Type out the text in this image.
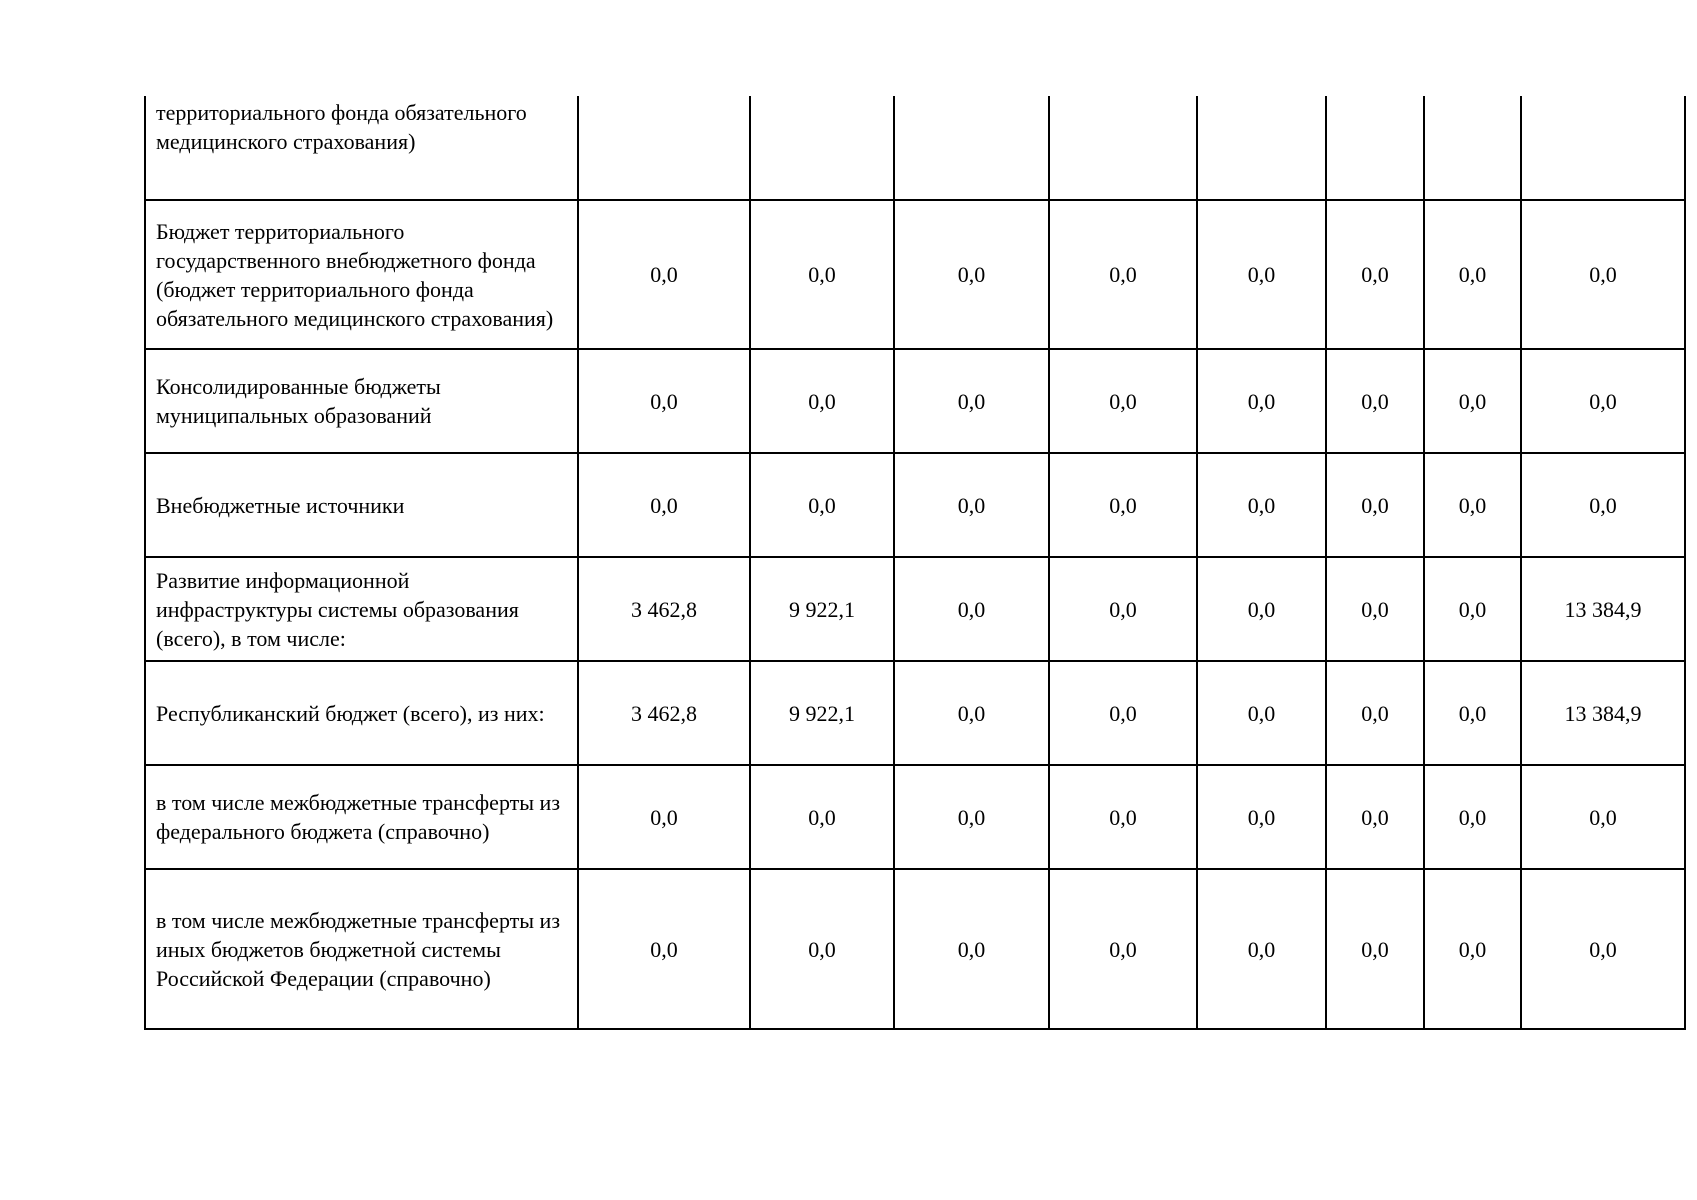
территориального фонда обязательного медицинского страхования)								
Бюджет территориального государственного внебюджетного фонда (бюджет территориального фонда обязательного медицинского страхования)	0,0	0,0	0,0	0,0	0,0	0,0	0,0	0,0
Консолидированные бюджеты муниципальных образований	0,0	0,0	0,0	0,0	0,0	0,0	0,0	0,0
Внебюджетные источники	0,0	0,0	0,0	0,0	0,0	0,0	0,0	0,0
Развитие информационной инфраструктуры системы образования (всего), в том числе:	3 462,8	9 922,1	0,0	0,0	0,0	0,0	0,0	13 384,9
Республиканский бюджет (всего), из них:	3 462,8	9 922,1	0,0	0,0	0,0	0,0	0,0	13 384,9
в том числе межбюджетные трансферты из федерального бюджета (справочно)	0,0	0,0	0,0	0,0	0,0	0,0	0,0	0,0
в том числе межбюджетные трансферты из иных бюджетов бюджетной системы Российской Федерации (справочно)	0,0	0,0	0,0	0,0	0,0	0,0	0,0	0,0
